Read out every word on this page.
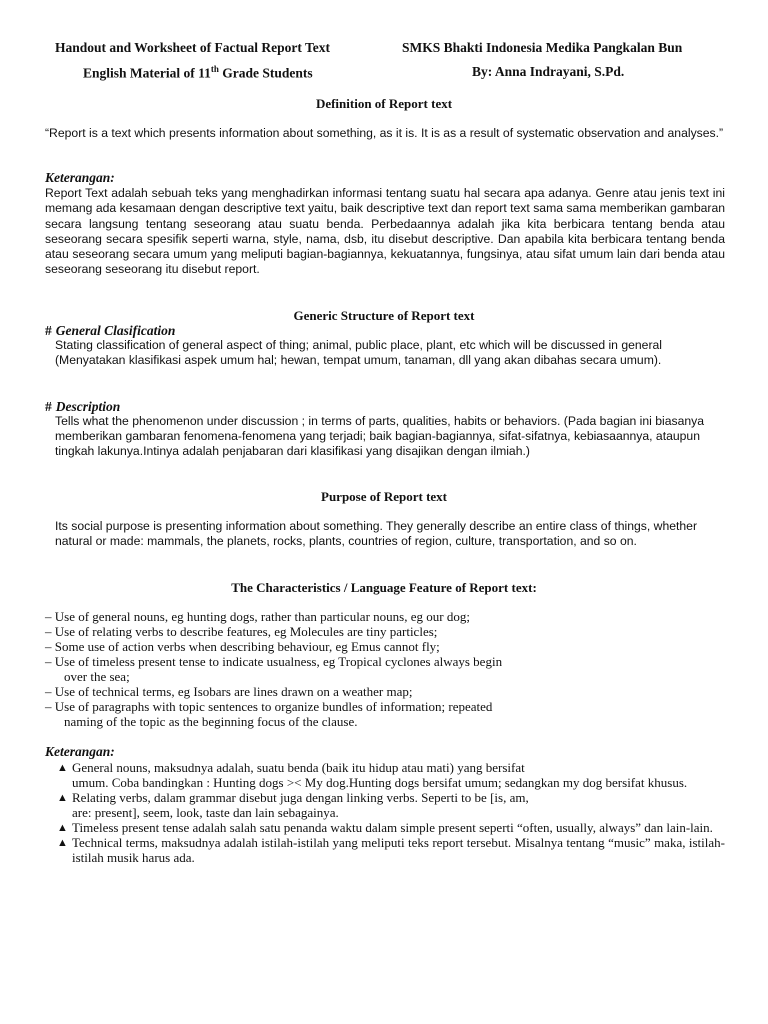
Handout and Worksheet of Factual Report Text	SMKS Bhakti Indonesia Medika Pangkalan Bun
English Material of 11th Grade Students	By: Anna Indrayani, S.Pd.
Definition of Report text
“Report is a text which presents information about something, as it is. It is as a result of systematic observation and analyses.”
Keterangan:
Report Text adalah sebuah teks yang menghadirkan informasi tentang suatu hal secara apa adanya. Genre atau jenis text ini memang ada kesamaan dengan descriptive text yaitu, baik descriptive text dan report text sama sama memberikan gambaran secara langsung tentang seseorang atau suatu benda. Perbedaannya adalah jika kita berbicara tentang benda atau seseorang secara spesifik seperti warna, style, nama, dsb, itu disebut descriptive. Dan apabila kita berbicara tentang benda atau seseorang secara umum yang meliputi bagian-bagiannya, kekuatannya, fungsinya, atau sifat umum lain dari benda atau seseorang seseorang itu disebut report.
Generic Structure of Report text
# General Clasification
Stating classification of general aspect of thing; animal, public place, plant, etc which will be discussed in general (Menyatakan klasifikasi aspek umum hal; hewan, tempat umum, tanaman, dll yang akan dibahas secara umum).
# Description
Tells what the phenomenon under discussion ; in terms of parts, qualities, habits or behaviors. (Pada bagian ini biasanya memberikan gambaran fenomena-fenomena yang terjadi; baik bagian-bagiannya, sifat-sifatnya, kebiasaannya, ataupun tingkah lakunya.Intinya adalah penjabaran dari klasifikasi yang disajikan dengan ilmiah.)
Purpose of Report text
Its social purpose is presenting information about something. They generally describe an entire class of things, whether natural or made: mammals, the planets, rocks, plants, countries of region, culture, transportation, and so on.
The Characteristics / Language Feature of Report text:
– Use of general nouns, eg hunting dogs, rather than particular nouns, eg our dog;
– Use of relating verbs to describe features, eg Molecules are tiny particles;
– Some use of action verbs when describing behaviour, eg Emus cannot fly;
– Use of timeless present tense to indicate usualness, eg Tropical cyclones always begin
over the sea;
– Use of technical terms, eg Isobars are lines drawn on a weather map;
– Use of paragraphs with topic sentences to organize bundles of information; repeated
naming of the topic as the beginning focus of the clause.
Keterangan:
▲ General nouns, maksudnya adalah, suatu benda (baik itu hidup atau mati) yang bersifat
umum. Coba bandingkan : Hunting dogs >< My dog.Hunting dogs bersifat umum; sedangkan my dog bersifat khusus.
▲ Relating verbs, dalam grammar disebut juga dengan linking verbs. Seperti to be [is, am,
are: present], seem, look, taste dan lain sebagainya.
▲ Timeless present tense adalah salah satu penanda waktu dalam simple present seperti “often, usually, always” dan lain-lain.
▲ Technical terms, maksudnya adalah istilah-istilah yang meliputi teks report tersebut. Misalnya tentang “music” maka, istilah-istilah musik harus ada.
